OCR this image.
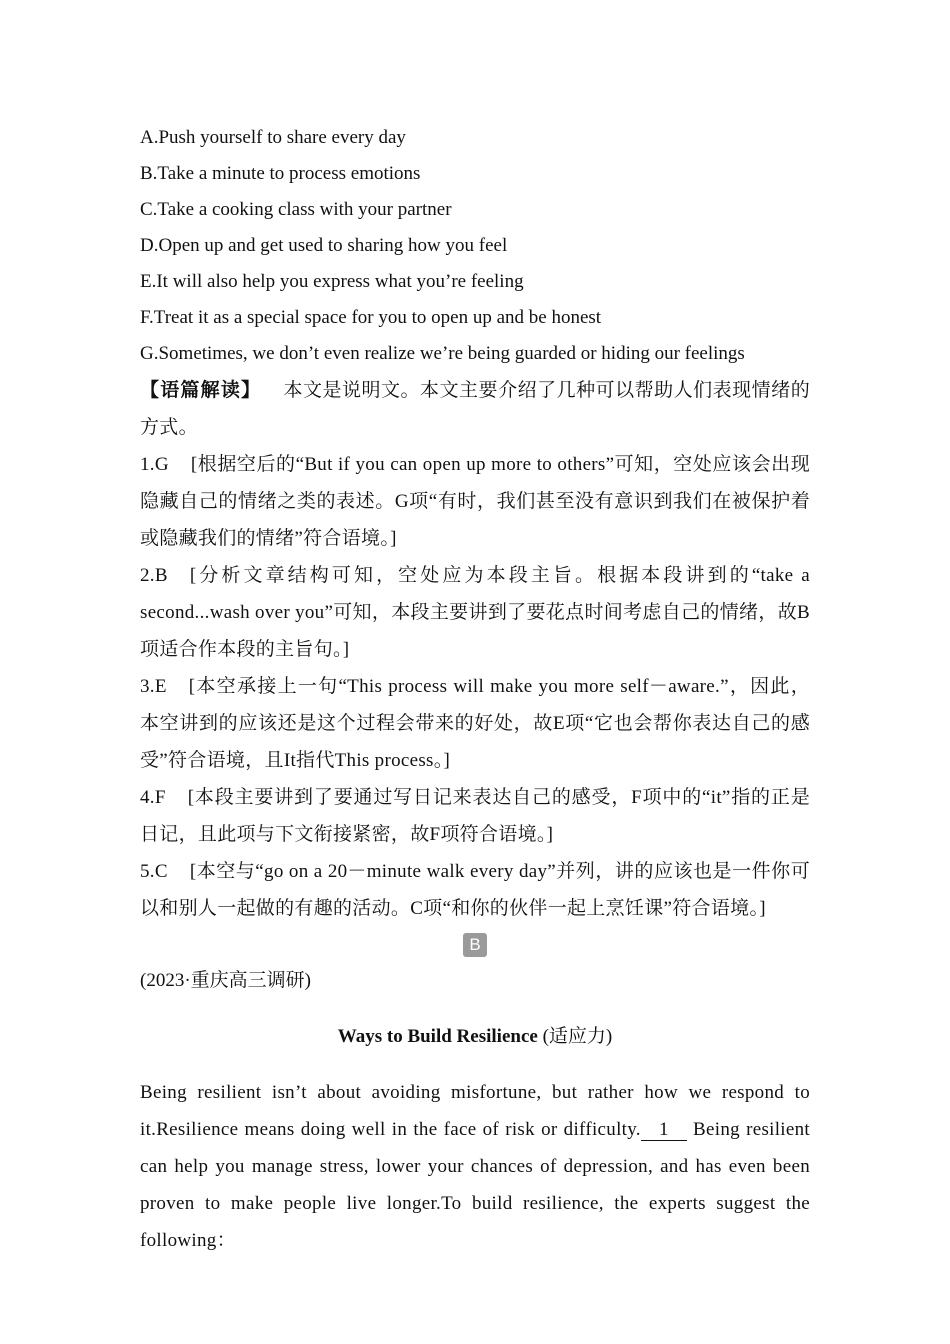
A.Push yourself to share every day

B.Take a minute to process emotions

C.Take a cooking class with your partner

D.Open up and get used to sharing how you feel

E.It will also help you express what you’re feeling

F.Treat it as a special space for you to open up and be honest

G.Sometimes, we don’t even realize we’re being guarded or hiding our feelings

【语篇解读】 本文是说明文。本文主要介绍了几种可以帮助人们表现情绪的方式。

1.G [根据空后的“But if you can open up more to others”可知，空处应该会出现隐藏自己的情绪之类的表述。G项“有时，我们甚至没有意识到我们在被保护着或隐藏我们的情绪”符合语境。]

2.B [分析文章结构可知，空处应为本段主旨。根据本段讲到的“take a second...wash over you”可知，本段主要讲到了要花点时间考虑自己的情绪，故B项适合作本段的主旨句。]

3.E [本空承接上一句“This process will make you more self－aware.”，因此，本空讲到的应该还是这个过程会带来的好处，故E项“它也会帮你表达自己的感受”符合语境，且It指代This process。]

4.F [本段主要讲到了要通过写日记来表达自己的感受，F项中的“it”指的正是日记，且此项与下文衔接紧密，故F项符合语境。]

5.C [本空与“go on a 20－minute walk every day”并列，讲的应该也是一件你可以和别人一起做的有趣的活动。C项“和你的伙伴一起上烹饪课”符合语境。]

B

(2023·重庆高三调研)

Ways to Build Resilience (适应力)

Being resilient isn’t about avoiding misfortune, but rather how we respond to it.Resilience means doing well in the face of risk or difficulty. 1 Being resilient can help you manage stress, lower your chances of depression, and has even been proven to make people live longer.To build resilience, the experts suggest the following：
